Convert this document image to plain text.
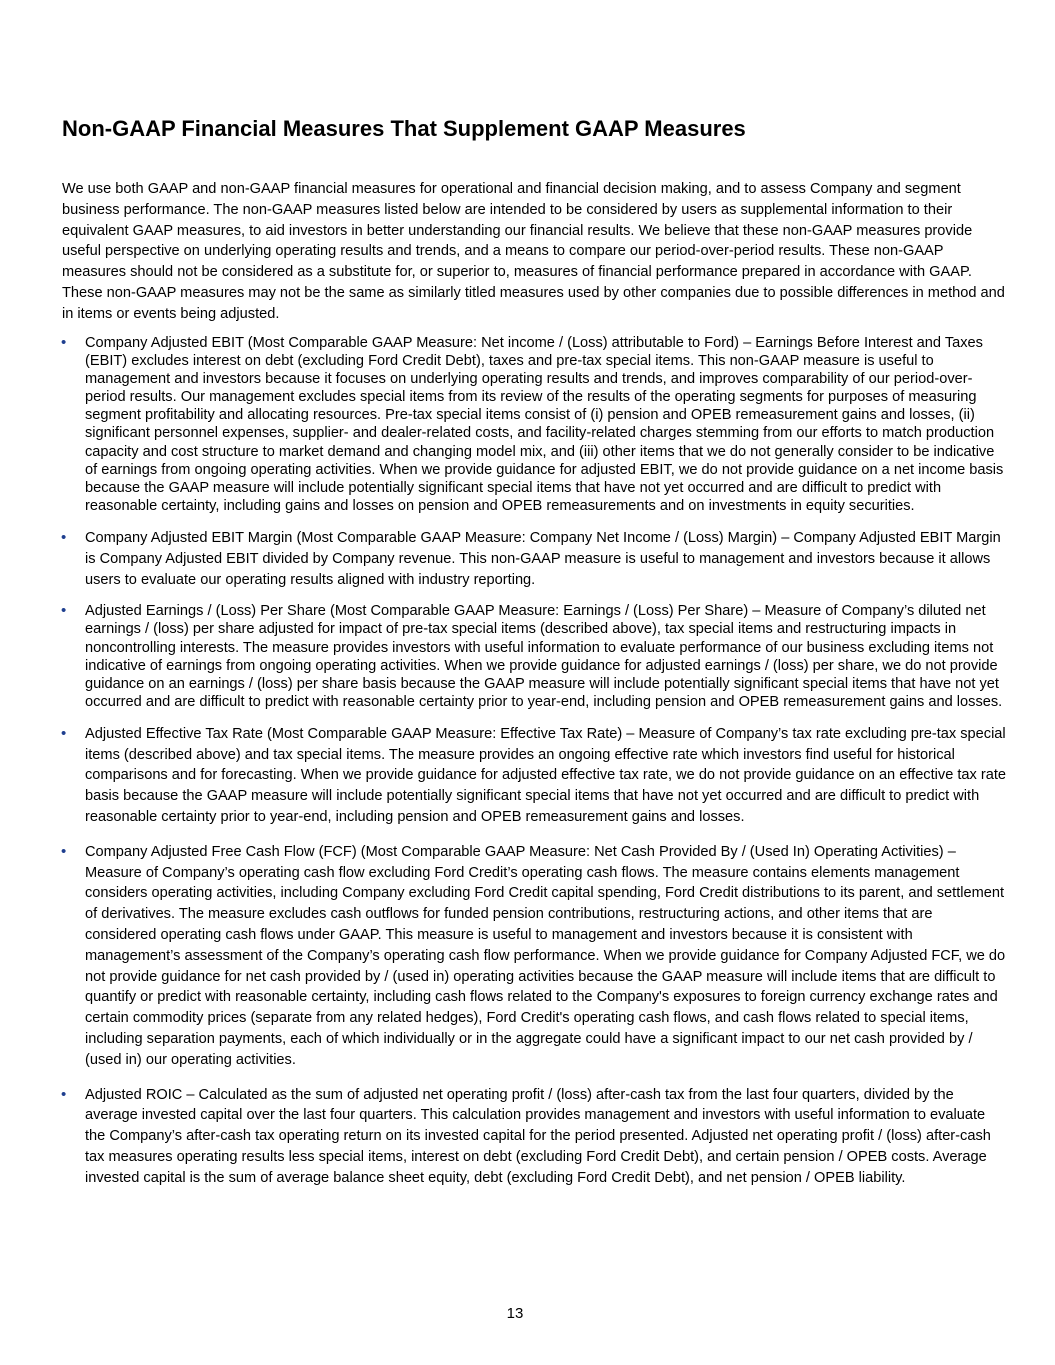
Non-GAAP Financial Measures That Supplement GAAP Measures

We use both GAAP and non-GAAP financial measures for operational and financial decision making, and to assess Company and segment business performance. The non-GAAP measures listed below are intended to be considered by users as supplemental information to their equivalent GAAP measures, to aid investors in better understanding our financial results. We believe that these non-GAAP measures provide useful perspective on underlying operating results and trends, and a means to compare our period-over-period results. These non-GAAP measures should not be considered as a substitute for, or superior to, measures of financial performance prepared in accordance with GAAP. These non-GAAP measures may not be the same as similarly titled measures used by other companies due to possible differences in method and in items or events being adjusted.

• Company Adjusted EBIT (Most Comparable GAAP Measure: Net income / (Loss) attributable to Ford) – Earnings Before Interest and Taxes (EBIT) excludes interest on debt (excluding Ford Credit Debt), taxes and pre-tax special items. This non-GAAP measure is useful to management and investors because it focuses on underlying operating results and trends, and improves comparability of our period-over-period results. Our management excludes special items from its review of the results of the operating segments for purposes of measuring segment profitability and allocating resources. Pre-tax special items consist of (i) pension and OPEB remeasurement gains and losses, (ii) significant personnel expenses, supplier- and dealer-related costs, and facility-related charges stemming from our efforts to match production capacity and cost structure to market demand and changing model mix, and (iii) other items that we do not generally consider to be indicative of earnings from ongoing operating activities. When we provide guidance for adjusted EBIT, we do not provide guidance on a net income basis because the GAAP measure will include potentially significant special items that have not yet occurred and are difficult to predict with reasonable certainty, including gains and losses on pension and OPEB remeasurements and on investments in equity securities.
• Company Adjusted EBIT Margin (Most Comparable GAAP Measure: Company Net Income / (Loss) Margin) – Company Adjusted EBIT Margin is Company Adjusted EBIT divided by Company revenue. This non-GAAP measure is useful to management and investors because it allows users to evaluate our operating results aligned with industry reporting.
• Adjusted Earnings / (Loss) Per Share (Most Comparable GAAP Measure: Earnings / (Loss) Per Share) – Measure of Company’s diluted net earnings / (loss) per share adjusted for impact of pre-tax special items (described above), tax special items and restructuring impacts in noncontrolling interests. The measure provides investors with useful information to evaluate performance of our business excluding items not indicative of earnings from ongoing operating activities. When we provide guidance for adjusted earnings / (loss) per share, we do not provide guidance on an earnings / (loss) per share basis because the GAAP measure will include potentially significant special items that have not yet occurred and are difficult to predict with reasonable certainty prior to year-end, including pension and OPEB remeasurement gains and losses.
• Adjusted Effective Tax Rate (Most Comparable GAAP Measure: Effective Tax Rate) – Measure of Company’s tax rate excluding pre-tax special items (described above) and tax special items. The measure provides an ongoing effective rate which investors find useful for historical comparisons and for forecasting. When we provide guidance for adjusted effective tax rate, we do not provide guidance on an effective tax rate basis because the GAAP measure will include potentially significant special items that have not yet occurred and are difficult to predict with reasonable certainty prior to year-end, including pension and OPEB remeasurement gains and losses.
• Company Adjusted Free Cash Flow (FCF) (Most Comparable GAAP Measure: Net Cash Provided By / (Used In) Operating Activities) – Measure of Company’s operating cash flow excluding Ford Credit’s operating cash flows. The measure contains elements management considers operating activities, including Company excluding Ford Credit capital spending, Ford Credit distributions to its parent, and settlement of derivatives. The measure excludes cash outflows for funded pension contributions, restructuring actions, and other items that are considered operating cash flows under GAAP. This measure is useful to management and investors because it is consistent with management’s assessment of the Company’s operating cash flow performance. When we provide guidance for Company Adjusted FCF, we do not provide guidance for net cash provided by / (used in) operating activities because the GAAP measure will include items that are difficult to quantify or predict with reasonable certainty, including cash flows related to the Company's exposures to foreign currency exchange rates and certain commodity prices (separate from any related hedges), Ford Credit's operating cash flows, and cash flows related to special items, including separation payments, each of which individually or in the aggregate could have a significant impact to our net cash provided by / (used in) our operating activities.
• Adjusted ROIC – Calculated as the sum of adjusted net operating profit / (loss) after-cash tax from the last four quarters, divided by the average invested capital over the last four quarters. This calculation provides management and investors with useful information to evaluate the Company’s after-cash tax operating return on its invested capital for the period presented. Adjusted net operating profit / (loss) after-cash tax measures operating results less special items, interest on debt (excluding Ford Credit Debt), and certain pension / OPEB costs. Average invested capital is the sum of average balance sheet equity, debt (excluding Ford Credit Debt), and net pension / OPEB liability.
13
